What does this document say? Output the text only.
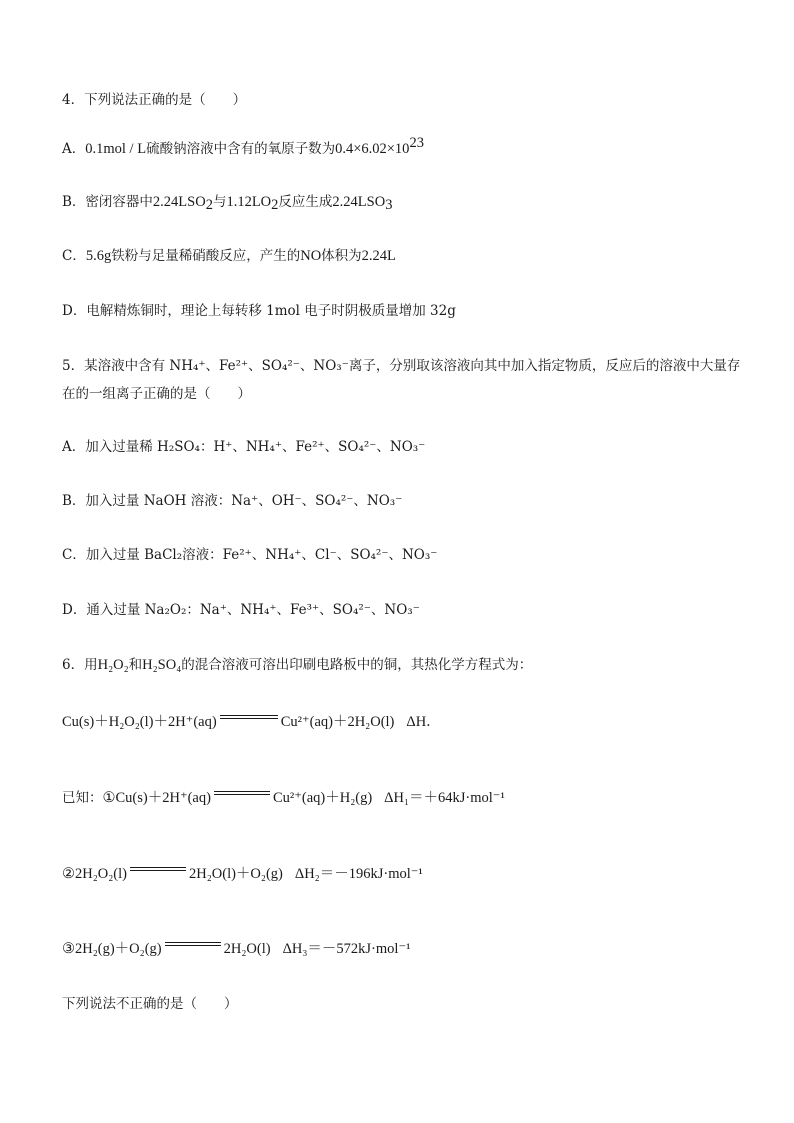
4．下列说法正确的是（　　）
A．0.1mol / L硫酸钠溶液中含有的氧原子数为$0.4\times 6.02\times 10^{23}$
B．密闭容器中$2.24LSO_2$与$1.12LO_2$反应生成$2.24LSO_3$
C．5.6g铁粉与足量稀硝酸反应，产生的NO体积为2.24L
D．电解精炼铜时，理论上每转移 1mol 电子时阴极质量增加 32g
5．某溶液中含有 NH₄⁺、Fe²⁺、SO₄²⁻、NO₃⁻离子，分别取该溶液向其中加入指定物质，反应后的溶液中大量存在的一组离子正确的是（　　）
A．加入过量稀 H₂SO₄：H⁺、NH₄⁺、Fe²⁺、SO₄²⁻、NO₃⁻
B．加入过量 NaOH 溶液：Na⁺、OH⁻、SO₄²⁻、NO₃⁻
C．加入过量 BaCl₂溶液：Fe²⁺、NH₄⁺、Cl⁻、SO₄²⁻、NO₃⁻
D．通入过量 Na₂O₂：Na⁺、NH₄⁺、Fe³⁺、SO₄²⁻、NO₃⁻
6．用H₂O₂和H₂SO₄的混合溶液可溶出印刷电路板中的铜，其热化学方程式为：
Cu(s)＋H₂O₂(l)＋2H⁺(aq)	Cu²⁺(aq)＋2H₂O(l) ΔH．
已知：①Cu(s)＋2H⁺(aq)	Cu²⁺(aq)＋H₂(g) ΔH₁＝＋64kJ·mol⁻¹
②2H₂O₂(l)	2H₂O(l)＋O₂(g) ΔH₂＝－196kJ·mol⁻¹
③2H₂(g)＋O₂(g)	2H₂O(l) ΔH₃＝－572kJ·mol⁻¹
下列说法不正确的是（　　）
